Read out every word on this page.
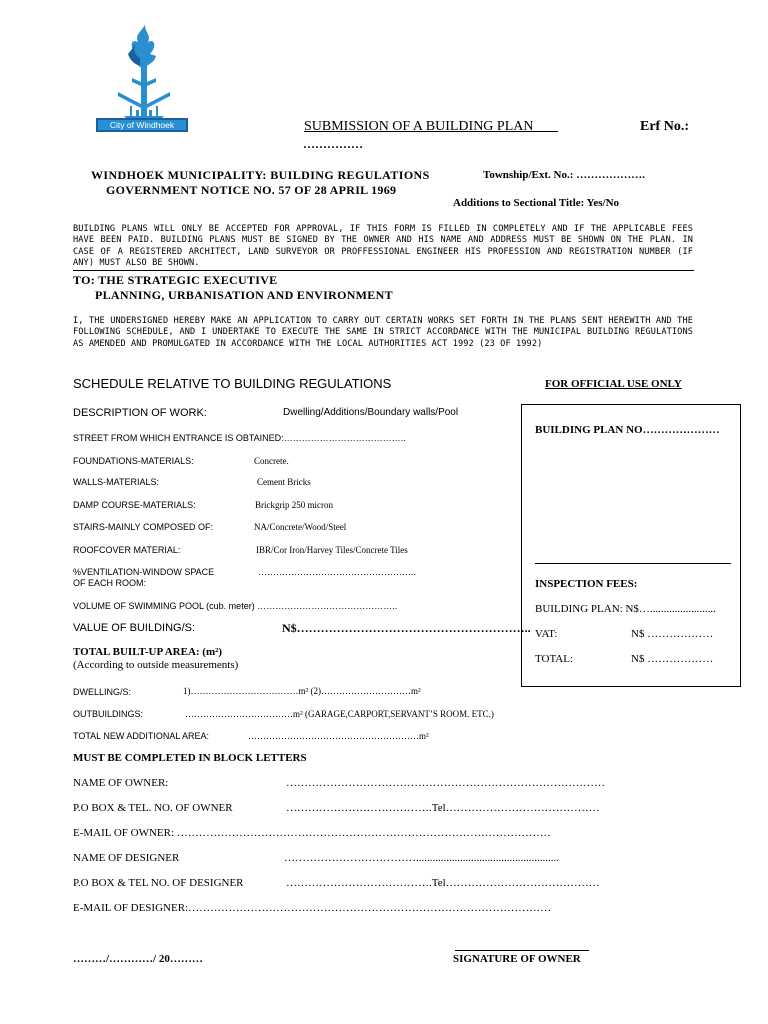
City of Windhoek	SUBMISSION OF A BUILDING PLAN	Erf No.:
……………
WINDHOEK MUNICIPALITY: BUILDING REGULATIONS
GOVERNMENT NOTICE NO. 57 OF 28 APRIL 1969
Township/Ext. No.: ……………….
Additions to Sectional Title: Yes/No
BUILDING PLANS WILL ONLY BE ACCEPTED FOR APPROVAL, IF THIS FORM IS FILLED IN COMPLETELY AND IF THE APPLICABLE FEES HAVE BEEN PAID. BUILDING PLANS MUST BE SIGNED BY THE OWNER AND HIS NAME AND ADDRESS MUST BE SHOWN ON THE PLAN. IN CASE OF A REGISTERED ARCHITECT, LAND SURVEYOR OR PROFFESSIONAL ENGINEER HIS PROFESSION AND REGISTRATION NUMBER (IF ANY) MUST ALSO BE SHOWN.
TO: THE STRATEGIC EXECUTIVE
PLANNING, URBANISATION AND ENVIRONMENT
I, THE UNDERSIGNED HEREBY MAKE AN APPLICATION TO CARRY OUT CERTAIN WORKS SET FORTH IN THE PLANS SENT HEREWITH AND THE FOLLOWING SCHEDULE, AND I UNDERTAKE TO EXECUTE THE SAME IN STRICT ACCORDANCE WITH THE MUNICIPAL BUILDING REGULATIONS AS AMENDED AND PROMULGATED IN ACCORDANCE WITH THE LOCAL AUTHORITIES ACT 1992 (23 OF 1992)
SCHEDULE RELATIVE TO BUILDING REGULATIONS	FOR OFFICIAL USE ONLY
DESCRIPTION OF WORK:	Dwelling/Additions/Boundary walls/Pool
STREET FROM WHICH ENTRANCE IS OBTAINED:…………………………………..
FOUNDATIONS-MATERIALS:	Concrete.
WALLS-MATERIALS:	Cement Bricks
DAMP COURSE-MATERIALS:	Brickgrip 250 micron
STAIRS-MAINLY COMPOSED OF:	NA/Concrete/Wood/Steel
ROOFCOVER MATERIAL:	IBR/Cor Iron/Harvey Tiles/Concrete Tiles
%VENTILATION-WINDOW SPACE
OF EACH ROOM:
……………………………………………..
VOLUME OF SWIMMING POOL (cub. meter) ………………………………………..
VALUE OF BUILDING/S:	N$…………………………………………………..
TOTAL BUILT-UP AREA: (m²)
(According to outside measurements)
DWELLING/S:	1)………………………………m² (2)…………………………m²
OUTBUILDINGS:	………………………………m² (GARAGE,CARPORT,SERVANT’S ROOM. ETC.)
TOTAL NEW ADDITIONAL AREA:	…………………………………………………m²
BUILDING PLAN NO…………………
INSPECTION FEES:
BUILDING PLAN: N$…........................
VAT:	N$ ………………
TOTAL:	N$ ………………
MUST BE COMPLETED IN BLOCK LETTERS
NAME OF OWNER:	……………………………………………………………………………
P.O BOX & TEL. NO. OF OWNER	………………………………….Tel……………………………………
E-MAIL OF OWNER: …………………………………………………………………………………………
NAME OF DESIGNER	………………………………....................................................
P.O BOX & TEL NO. OF DESIGNER	………………………………….Tel……………………………………
E-MAIL OF DESIGNER:………………………………………………………………………………………
………/…………/ 20………	SIGNATURE OF OWNER
